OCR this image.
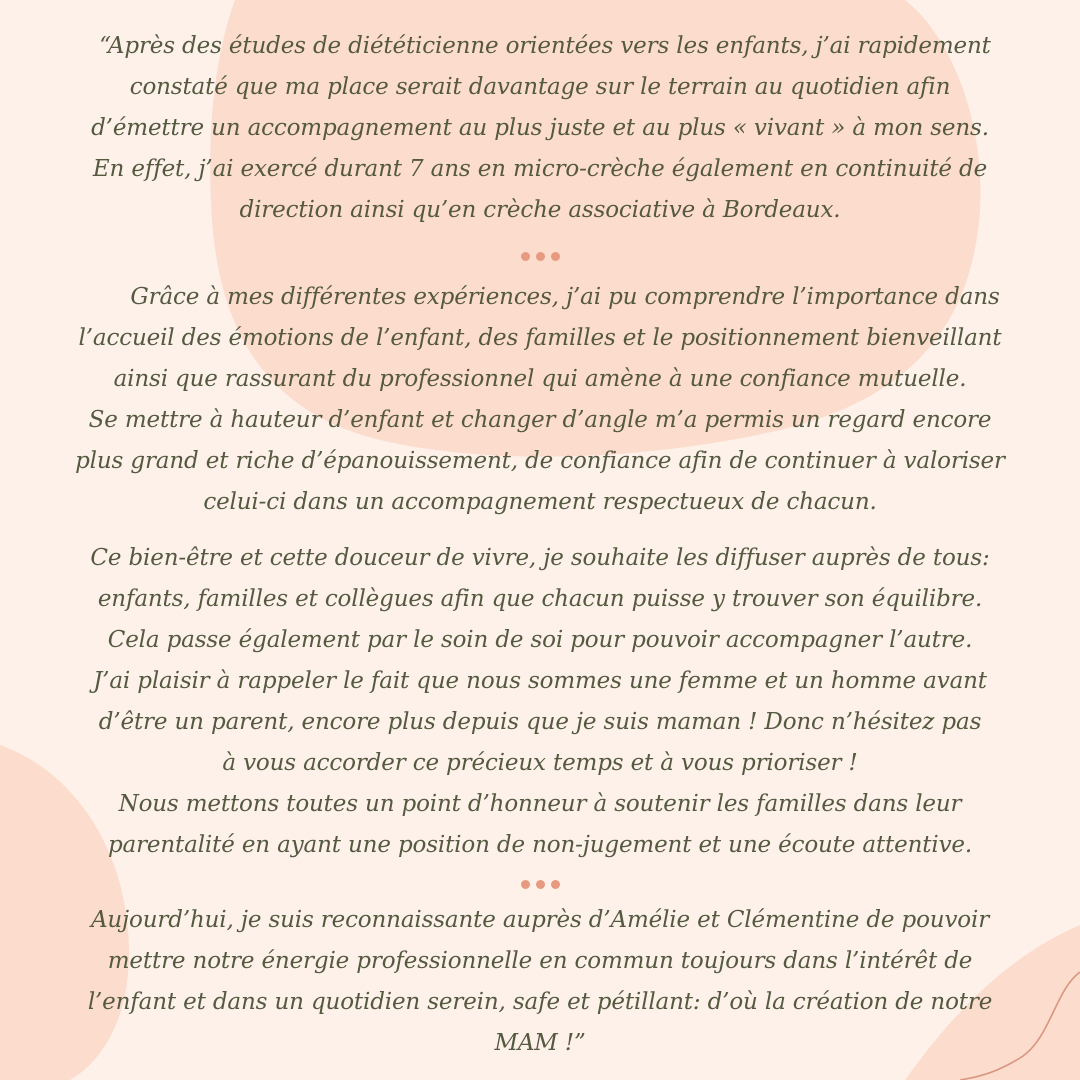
“Après des études de diététicienne orientées vers les enfants, j’ai rapidement
constaté que ma place serait davantage sur le terrain au quotidien afin
d’émettre un accompagnement au plus juste et au plus « vivant » à mon sens.
En effet, j’ai exercé durant 7 ans en micro-crèche également en continuité de
direction ainsi qu’en crèche associative à Bordeaux.
Grâce à mes différentes expériences, j’ai pu comprendre l’importance dans
l’accueil des émotions de l’enfant, des familles et le positionnement bienveillant
ainsi que rassurant du professionnel qui amène à une confiance mutuelle.
Se mettre à hauteur d’enfant et changer d’angle m’a permis un regard encore
plus grand et riche d’épanouissement, de confiance afin de continuer à valoriser
celui-ci dans un accompagnement respectueux de chacun.
Ce bien-être et cette douceur de vivre, je souhaite les diffuser auprès de tous:
enfants, familles et collègues afin que chacun puisse y trouver son équilibre.
Cela passe également par le soin de soi pour pouvoir accompagner l’autre.
J’ai plaisir à rappeler le fait que nous sommes une femme et un homme avant
d’être un parent, encore plus depuis que je suis maman ! Donc n’hésitez pas
à vous accorder ce précieux temps et à vous prioriser !
Nous mettons toutes un point d’honneur à soutenir les familles dans leur
parentalité en ayant une position de non-jugement et une écoute attentive.
Aujourd’hui, je suis reconnaissante auprès d’Amélie et Clémentine de pouvoir
mettre notre énergie professionnelle en commun toujours dans l’intérêt de
l’enfant et dans un quotidien serein, safe et pétillant: d’où la création de notre
MAM !”
